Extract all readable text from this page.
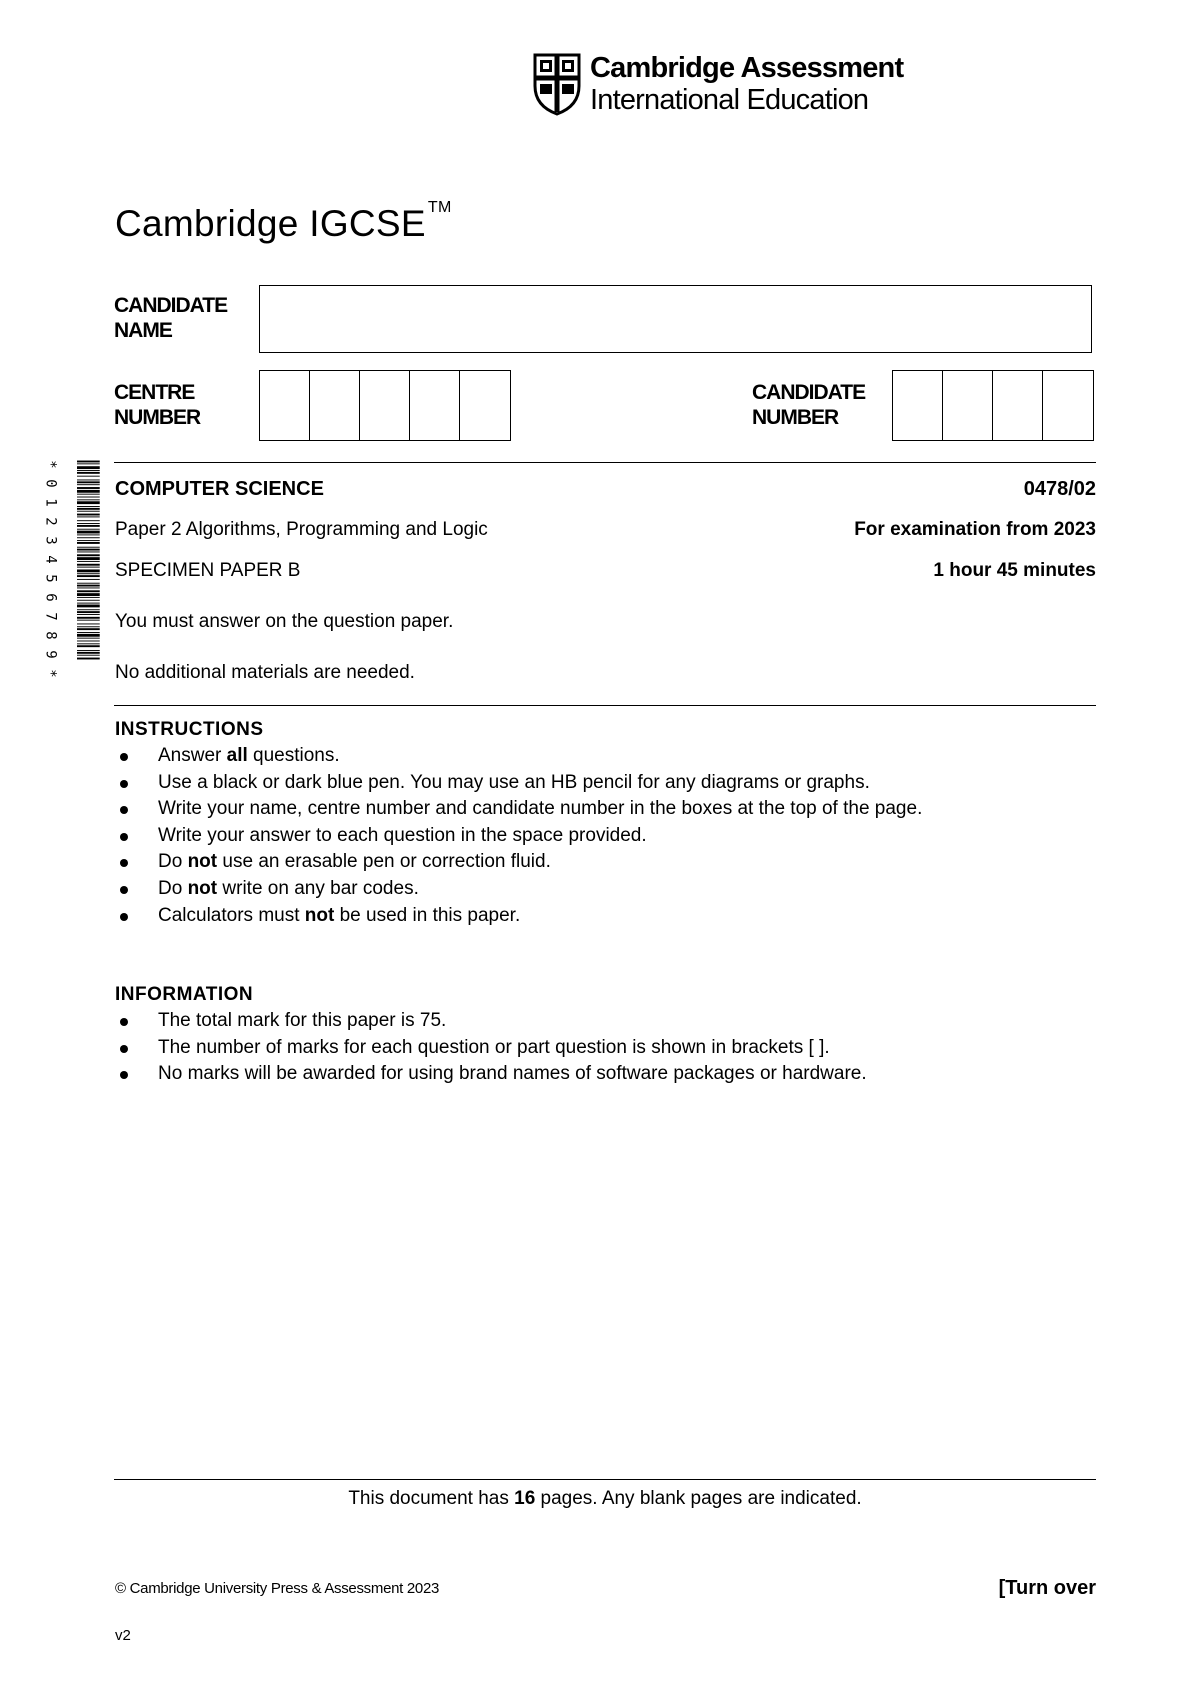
Cambridge Assessment
International Education
Cambridge IGCSE ™
CANDIDATE
NAME
CENTRE
NUMBER
CANDIDATE
NUMBER
*
0
1
2
3
4
5
6
7
8
9
*
COMPUTER SCIENCE	0478/02
Paper 2 Algorithms, Programming and Logic	For examination from 2023
SPECIMEN PAPER B	1 hour 45 minutes
You must answer on the question paper.
No additional materials are needed.
INSTRUCTIONS
Answer all questions.
Use a black or dark blue pen. You may use an HB pencil for any diagrams or graphs.
Write your name, centre number and candidate number in the boxes at the top of the page.
Write your answer to each question in the space provided.
Do not use an erasable pen or correction fluid.
Do not write on any bar codes.
Calculators must not be used in this paper.
INFORMATION
The total mark for this paper is 75.
The number of marks for each question or part question is shown in brackets [ ].
No marks will be awarded for using brand names of software packages or hardware.
This document has 16 pages. Any blank pages are indicated.
© Cambridge University Press & Assessment 2023	[Turn over
v2
